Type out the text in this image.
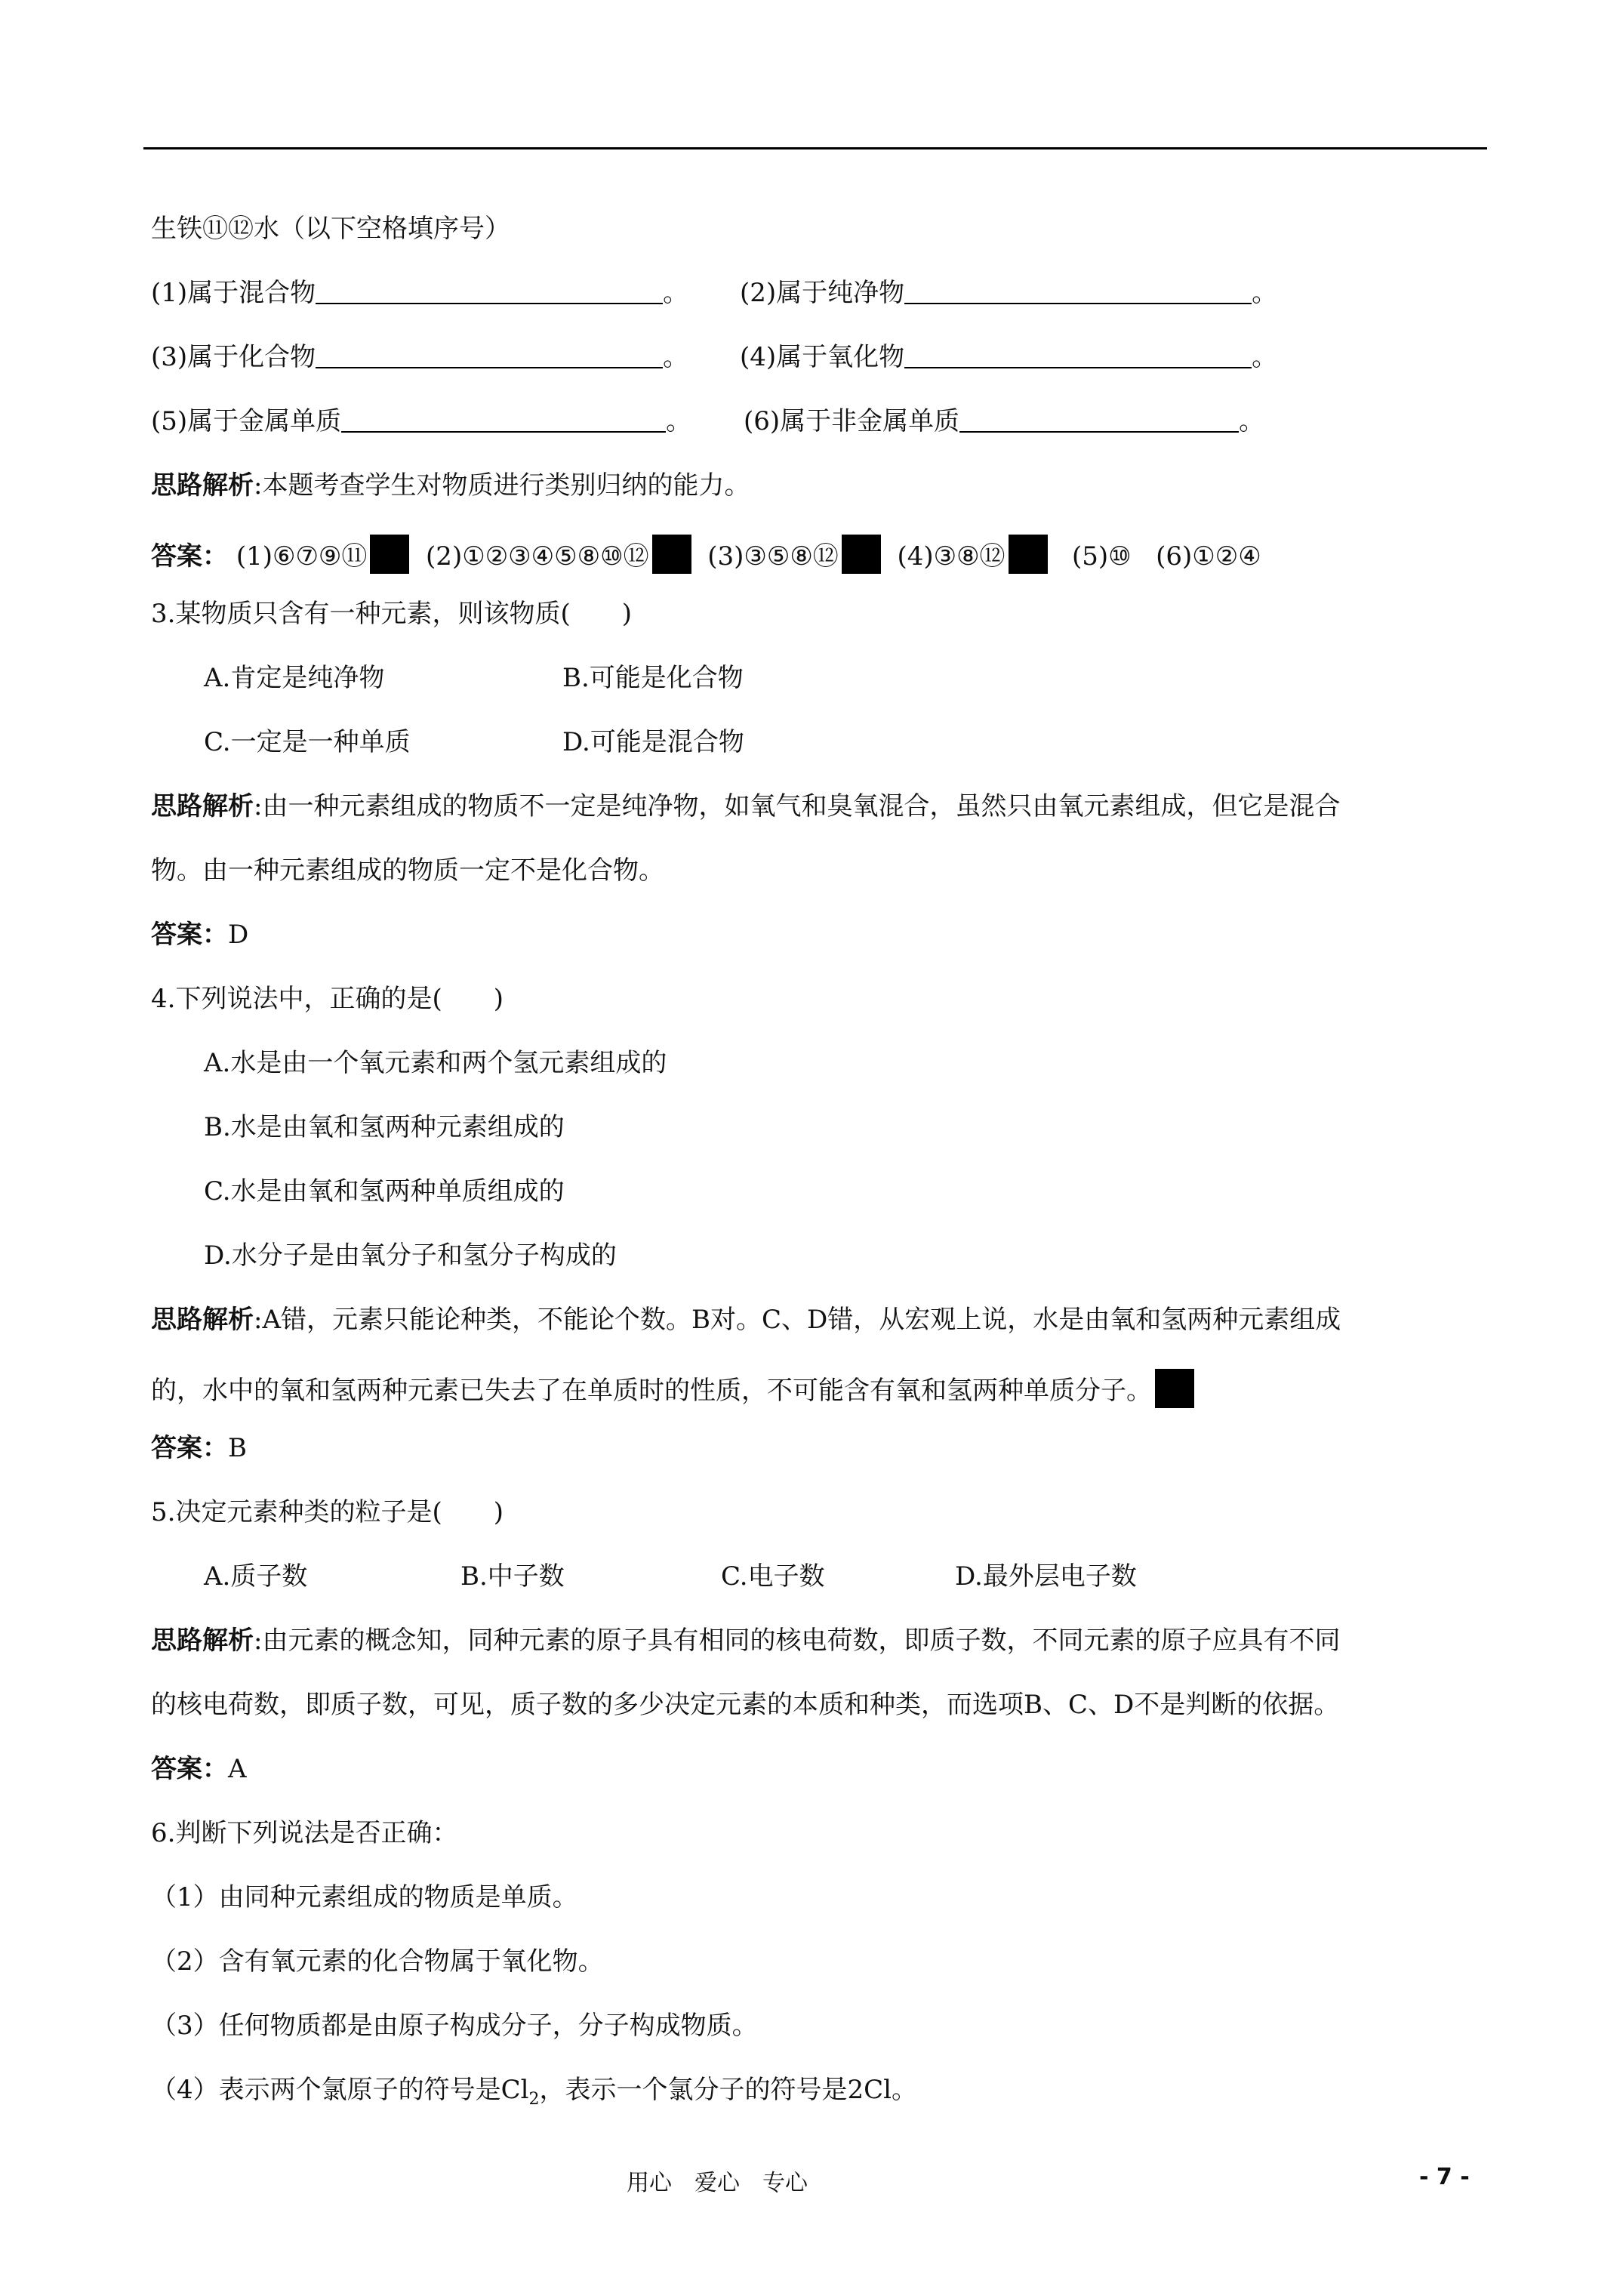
生铁⑪⑫水（以下空格填序号）
(1)属于混合物	。 (2)属于纯净物	。
(3)属于化合物	。 (4)属于氧化物	。
(5)属于金属单质	。 (6)属于非金属单质	。
思路解析:本题考查学生对物质进行类别归纳的能力。
答案： (1)⑥⑦⑨⑪ (2)①②③④⑤⑧⑩⑫ (3)③⑤⑧⑫ (4)③⑧⑫	(5)⑩ (6)①②④
3.某物质只含有一种元素，则该物质(　　)
A.肯定是纯净物	B.可能是化合物
C.一定是一种单质	D.可能是混合物
思路解析:由一种元素组成的物质不一定是纯净物，如氧气和臭氧混合，虽然只由氧元素组成，但它是混合
物。由一种元素组成的物质一定不是化合物。
答案：D
4.下列说法中，正确的是(　　)
A.水是由一个氧元素和两个氢元素组成的
B.水是由氧和氢两种元素组成的
C.水是由氧和氢两种单质组成的
D.水分子是由氧分子和氢分子构成的
思路解析:A错，元素只能论种类，不能论个数。B对。C、D错，从宏观上说，水是由氧和氢两种元素组成
的，水中的氧和氢两种元素已失去了在单质时的性质，不可能含有氧和氢两种单质分子。
答案：B
5.决定元素种类的粒子是(　　)
A.质子数	B.中子数	C.电子数	D.最外层电子数
思路解析:由元素的概念知，同种元素的原子具有相同的核电荷数，即质子数，不同元素的原子应具有不同
的核电荷数，即质子数，可见，质子数的多少决定元素的本质和种类，而选项B、C、D不是判断的依据。
答案：A
6.判断下列说法是否正确：
（1）由同种元素组成的物质是单质。
（2）含有氧元素的化合物属于氧化物。
（3）任何物质都是由原子构成分子，分子构成物质。
（4）表示两个氯原子的符号是$Cl_2$，表示一个氯分子的符号是2Cl。
用心　爱心　专心	- 7 -
